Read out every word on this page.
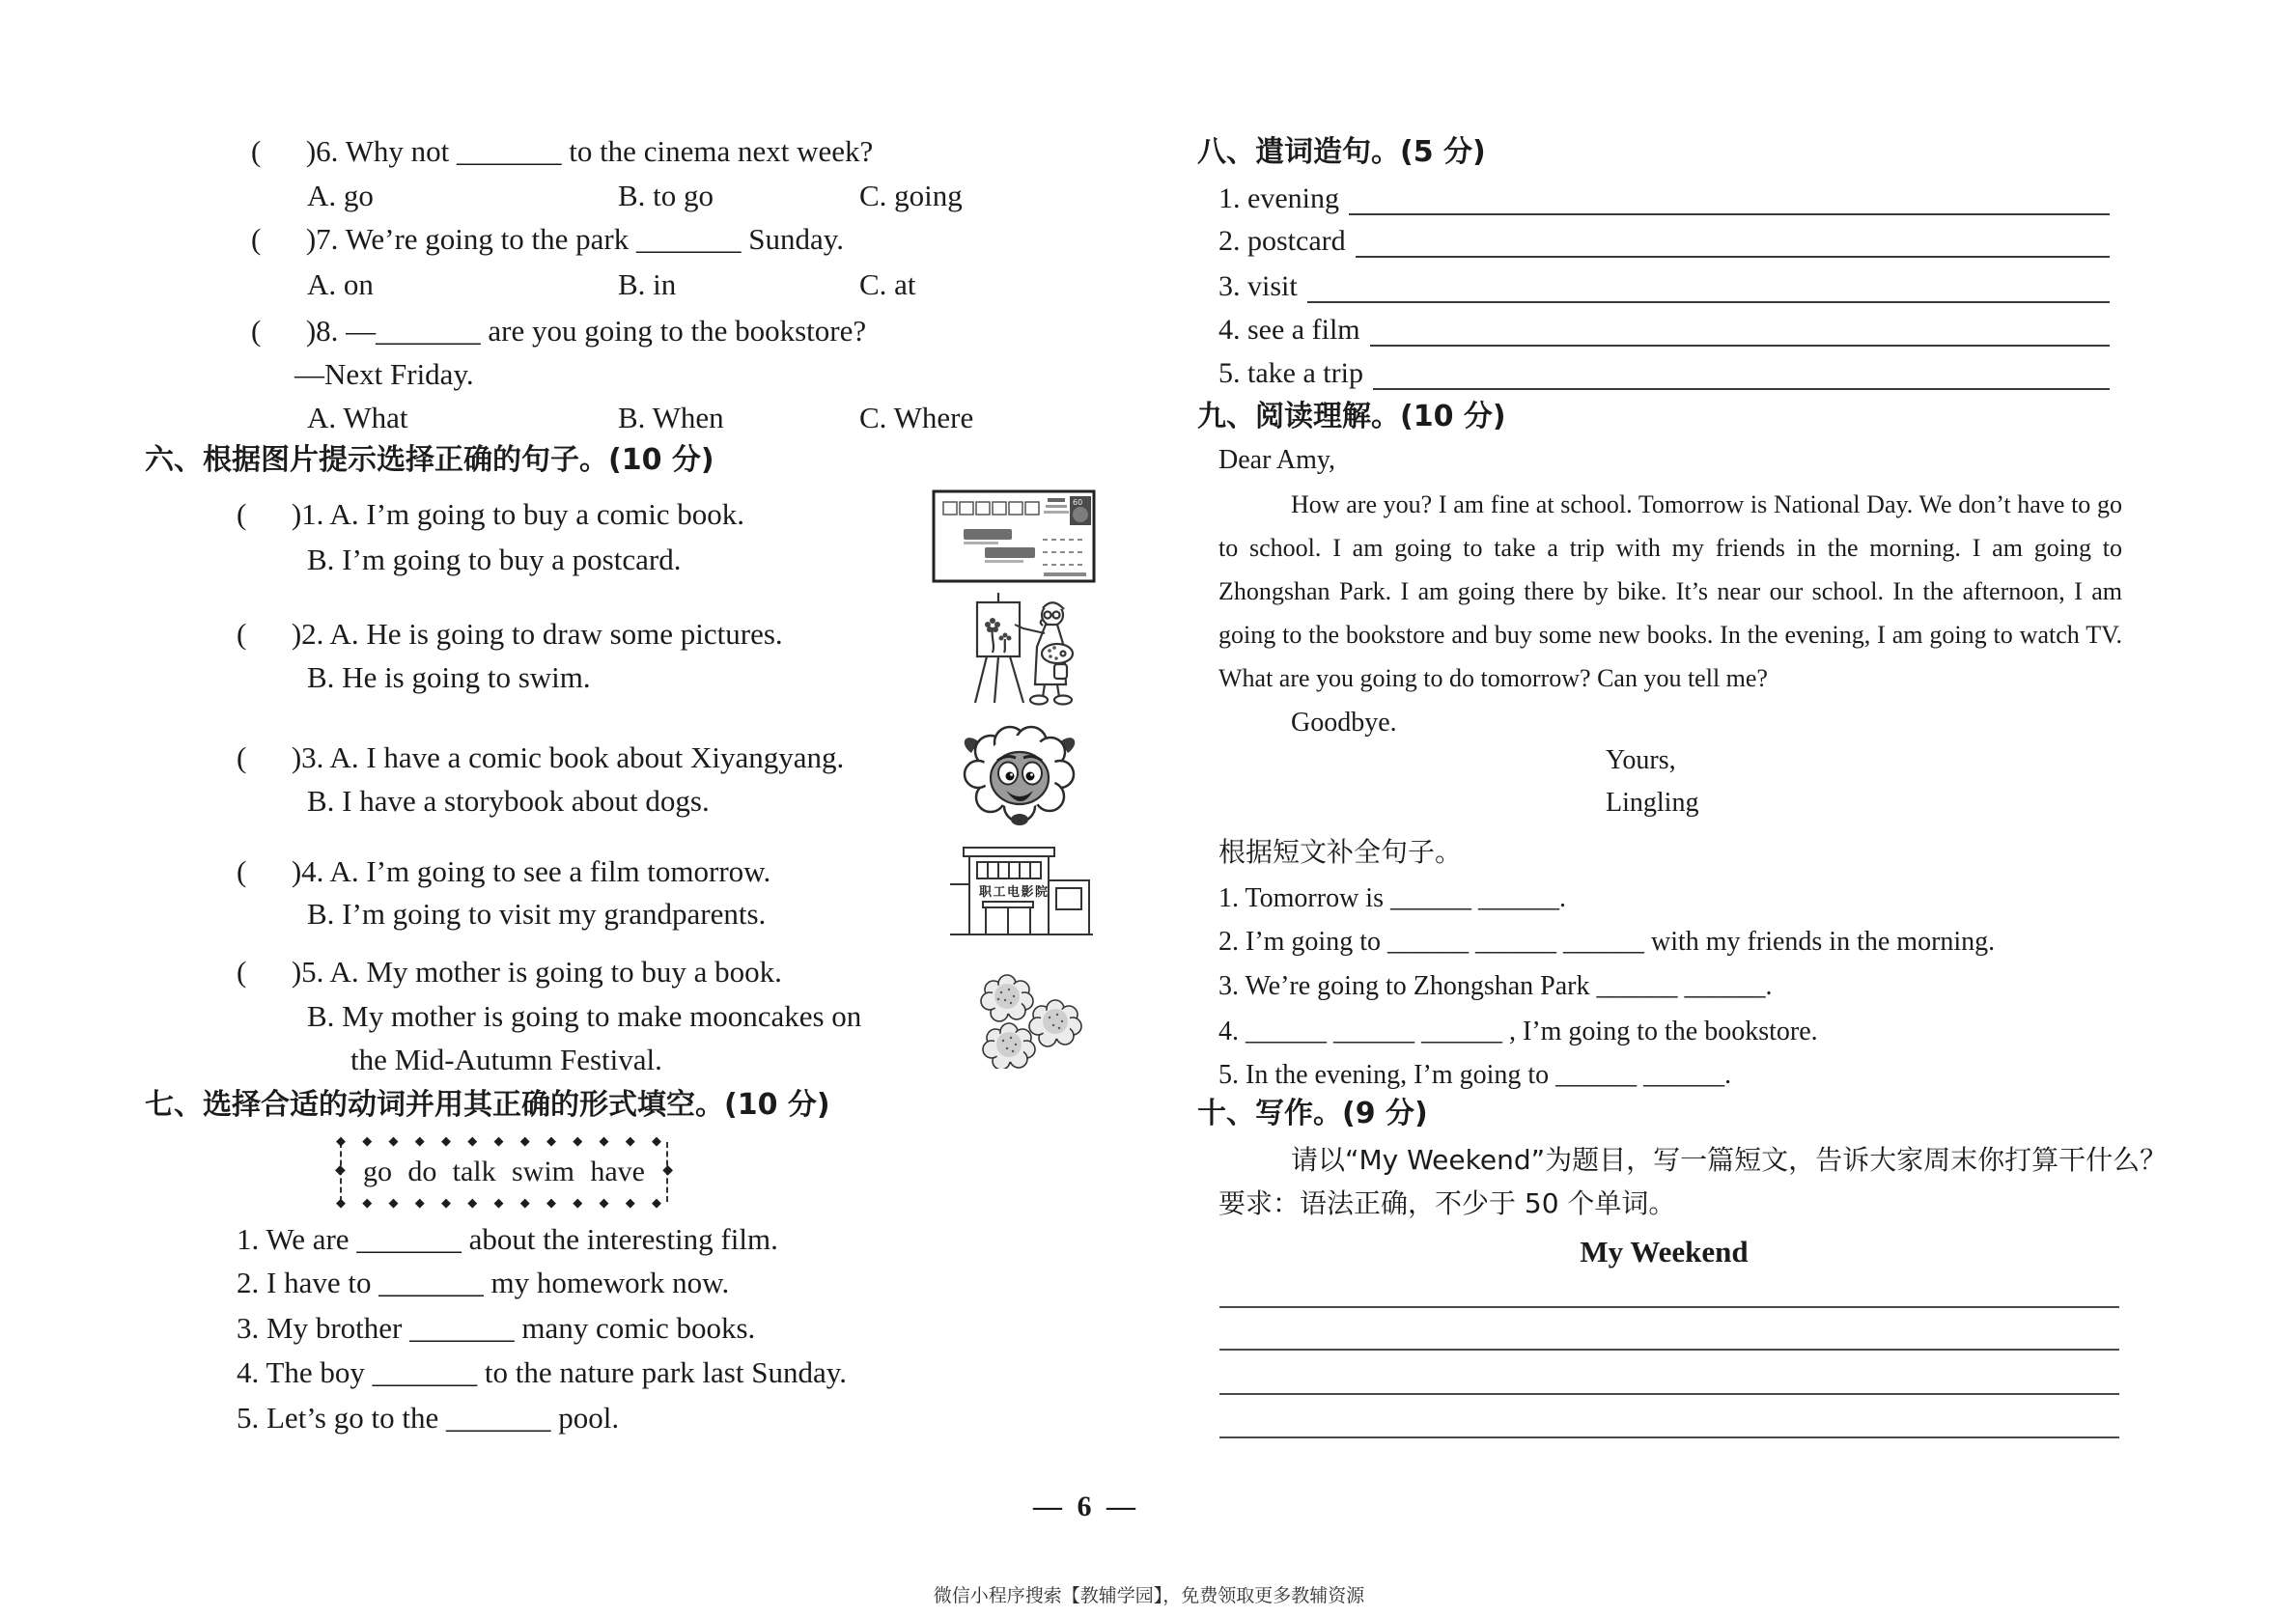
(      )6. Why not _______ to the cinema next week?
A. go	B. to go	C. going
(      )7. We’re going to the park _______ Sunday.
A. on	B. in	C. at
(      )8. —_______ are you going to the bookstore?
—Next Friday.
A. What	B. When	C. Where
六、根据图片提示选择正确的句子。(10 分)
(      )1. A. I’m going to buy a comic book.
B. I’m going to buy a postcard.
(      )2. A. He is going to draw some pictures.
B. He is going to swim.
(      )3. A. I have a comic book about Xiyangyang.
B. I have a storybook about dogs.
(      )4. A. I’m going to see a film tomorrow.
B. I’m going to visit my grandparents.
(      )5. A. My mother is going to buy a book.
B. My mother is going to make mooncakes on
the Mid-Autumn Festival.
60
职工电影院
七、选择合适的动词并用其正确的形式填空。(10 分)
◆ ◆ ◆ ◆ ◆ ◆ ◆ ◆ ◆ ◆ ◆ ◆ ◆ ◆ ◆	◆
go do talk swim have
◆ ◆ ◆ ◆ ◆ ◆ ◆ ◆ ◆ ◆ ◆ ◆ ◆ ◆
1. We are _______ about the interesting film.
2. I have to _______ my homework now.
3. My brother _______ many comic books.
4. The boy _______ to the nature park last Sunday.
5. Let’s go to the _______ pool.
八、遣词造句。(5 分)
1. evening
2. postcard
3. visit
4. see a film
5. take a trip
九、阅读理解。(10 分)
Dear Amy,
How are you? I am fine at school. Tomorrow is National Day. We don’t have to go to school. I am going to take a trip with my friends in the morning. I am going to Zhongshan Park. I am going there by bike. It’s near our school. In the afternoon, I am going to the bookstore and buy some new books. In the evening, I am going to watch TV. What are you going to do tomorrow? Can you tell me?
Goodbye.
Yours,
Lingling
根据短文补全句子。
1. Tomorrow is ______ ______.
2. I’m going to ______ ______ ______ with my friends in the morning.
3. We’re going to Zhongshan Park ______ ______.
4. ______ ______ ______ , I’m going to the bookstore.
5. In the evening, I’m going to ______ ______.
十、写作。(9 分)
请以“My Weekend”为题目，写一篇短文，告诉大家周末你打算干什么？
要求：语法正确，不少于 50 个单词。
My Weekend
— 6 —
微信小程序搜索【教辅学园】，免费领取更多教辅资源
